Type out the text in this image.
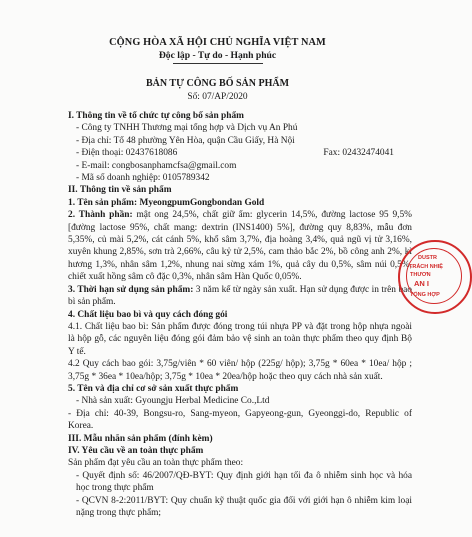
CỘNG HÒA XÃ HỘI CHỦ NGHĨA VIỆT NAM
Độc lập - Tự do - Hạnh phúc
BẢN TỰ CÔNG BỐ SẢN PHẨM
Số: 07/AP/2020

I. Thông tin về tổ chức tự công bố sản phẩm

- Công ty TNHH Thương mại tổng hợp và Dịch vụ An Phú

- Địa chỉ: Tổ 48 phường Yên Hòa, quận Cầu Giấy, Hà Nội

- Điện thoại: 02437618086	Fax: 02432474041

- E-mail: congbosanphamcfsa@gmail.com

- Mã số doanh nghiệp: 0105789342

II. Thông tin về sản phẩm

1. Tên sản phẩm: MyeongpumGongbondan Gold

2. Thành phần: mật ong 24,5%, chất giữ ẩm: glycerin 14,5%, đường lactose 95 9,5% [đường lactose 95%, chất mang: dextrin (INS1400) 5%], đường quy 8,83%, mẫu đơn 5,35%, củ mài 5,2%, cát cánh 5%, khổ sâm 3,7%, địa hoàng 3,4%, quả ngũ vị tử 3,16%, xuyên khung 2,85%, sơn trà 2,66%, câu kỷ tử 2,5%, cam thảo bắc 2%, bồ công anh 2%, kì hương 1,3%, nhân sâm 1,2%, nhung nai sừng xám 1%, quả cây du 0,5%, sâm núi 0,5%, chiết xuất hồng sâm cô đặc 0,3%, nhân sâm Hàn Quốc 0,05%.

3. Thời hạn sử dụng sản phẩm: 3 năm kể từ ngày sản xuất. Hạn sử dụng được in trên bao bì sản phẩm.

4. Chất liệu bao bì và quy cách đóng gói

4.1. Chất liệu bao bì: Sản phẩm được đóng trong túi nhựa PP và đặt trong hộp nhựa ngoài là hộp gỗ, các nguyên liệu đóng gói đảm bảo vệ sinh an toàn thực phẩm theo quy định Bộ Y tế.

4.2 Quy cách bao gói: 3,75g/viên * 60 viên/ hộp (225g/ hộp); 3,75g * 60ea * 10ea/ hộp ; 3,75g * 36ea * 10ea/hộp; 3,75g * 10ea * 20ea/hộp hoặc theo quy cách nhà sản xuất.

5. Tên và địa chỉ cơ sở sản xuất thực phẩm

- Nhà sản xuất: Gyoungju Herbal Medicine Co.,Ltd

- Địa chỉ: 40-39, Bongsu-ro, Sang-myeon, Gapyeong-gun, Gyeonggi-do, Republic of Korea.

III. Mẫu nhãn sản phẩm (đính kèm)

IV. Yêu cầu về an toàn thực phẩm

Sản phẩm đạt yêu cầu an toàn thực phẩm theo:

- Quyết định số: 46/2007/QĐ-BYT: Quy định giới hạn tối đa ô nhiễm sinh học và hóa học trong thực phẩm

- QCVN 8-2:2011/BYT: Quy chuẩn kỹ thuật quốc gia đối với giới hạn ô nhiễm kim loại nặng trong thực phẩm;

DUSTR
TRÁCH NHIỆ
THƯƠN
AN I
TỔNG HỢP
